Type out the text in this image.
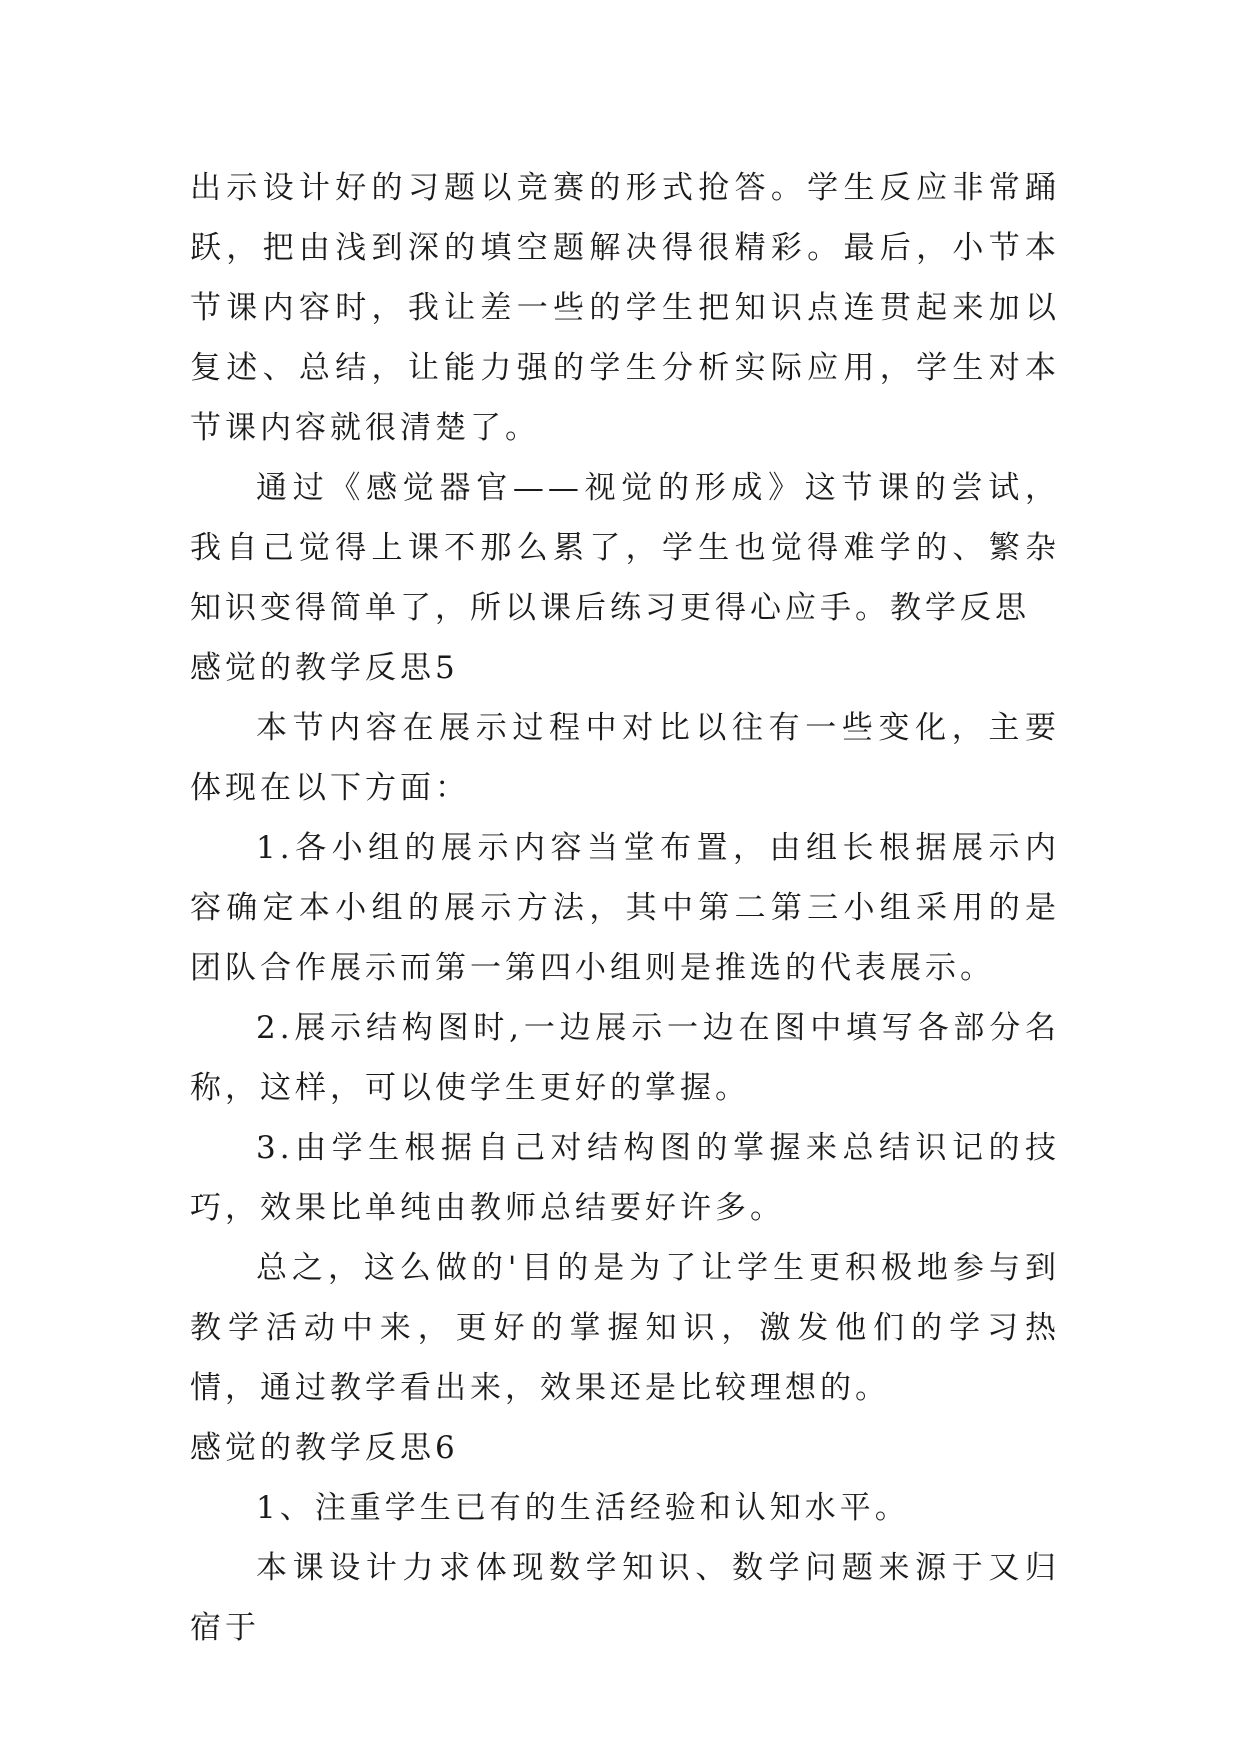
出示设计好的习题以竞赛的形式抢答。学生反应非常踊跃，把由浅到深的填空题解决得很精彩。最后，小节本节课内容时，我让差一些的学生把知识点连贯起来加以复述、总结，让能力强的学生分析实际应用，学生对本节课内容就很清楚了。

通过《感觉器官——视觉的形成》这节课的尝试，我自己觉得上课不那么累了，学生也觉得难学的、繁杂知识变得简单了，所以课后练习更得心应手。教学反思

感觉的教学反思5

本节内容在展示过程中对比以往有一些变化，主要体现在以下方面：

1.各小组的展示内容当堂布置，由组长根据展示内容确定本小组的展示方法，其中第二第三小组采用的是团队合作展示而第一第四小组则是推选的代表展示。

2.展示结构图时,一边展示一边在图中填写各部分名称，这样，可以使学生更好的掌握。

3.由学生根据自己对结构图的掌握来总结识记的技巧，效果比单纯由教师总结要好许多。

总之，这么做的'目的是为了让学生更积极地参与到教学活动中来，更好的掌握知识，激发他们的学习热情，通过教学看出来，效果还是比较理想的。

感觉的教学反思6

1、注重学生已有的生活经验和认知水平。

本课设计力求体现数学知识、数学问题来源于又归宿于
